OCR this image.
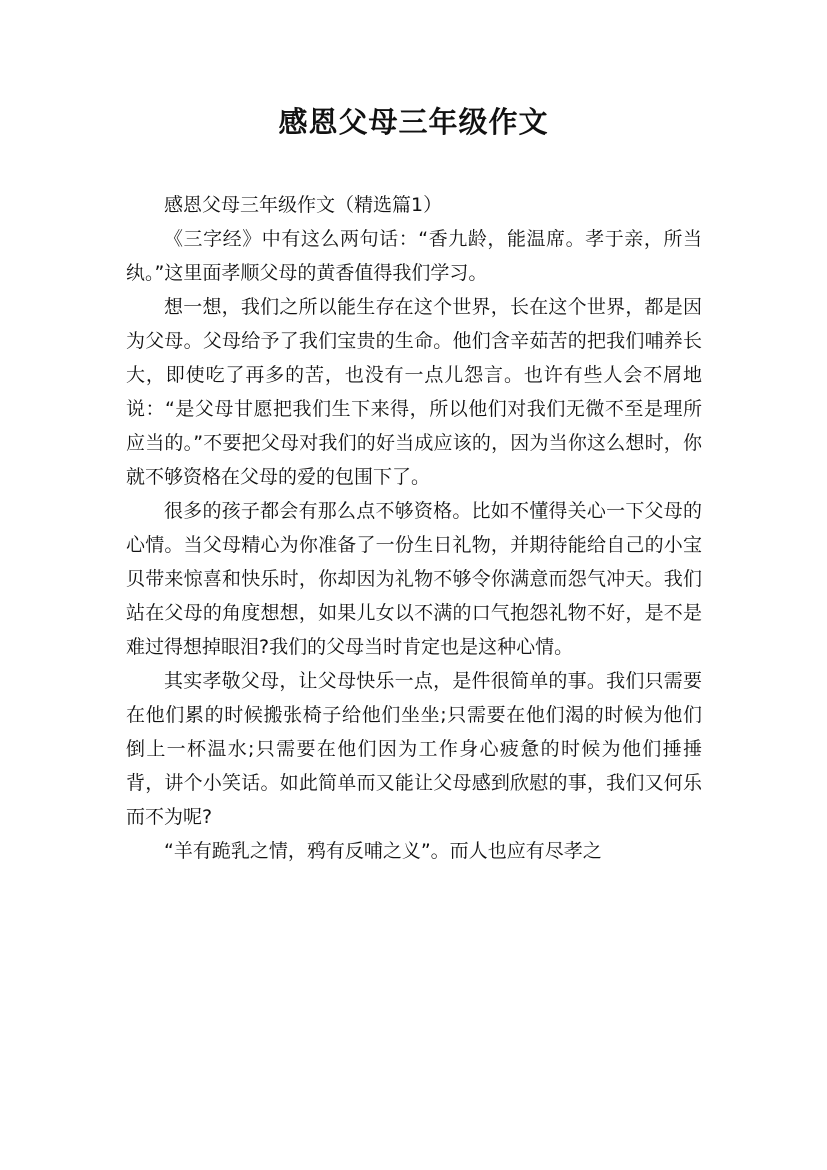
感恩父母三年级作文

感恩父母三年级作文（精选篇1）

《三字经》中有这么两句话：“香九龄，能温席。孝于亲，所当纨。”这里面孝顺父母的黄香值得我们学习。

想一想，我们之所以能生存在这个世界，长在这个世界，都是因为父母。父母给予了我们宝贵的生命。他们含辛茹苦的把我们哺养长大，即使吃了再多的苦，也没有一点儿怨言。也许有些人会不屑地说：“是父母甘愿把我们生下来得，所以他们对我们无微不至是理所应当的。”不要把父母对我们的好当成应该的，因为当你这么想时，你就不够资格在父母的爱的包围下了。

很多的孩子都会有那么点不够资格。比如不懂得关心一下父母的心情。当父母精心为你准备了一份生日礼物，并期待能给自己的小宝贝带来惊喜和快乐时，你却因为礼物不够令你满意而怨气冲天。我们站在父母的角度想想，如果儿女以不满的口气抱怨礼物不好，是不是难过得想掉眼泪?我们的父母当时肯定也是这种心情。

其实孝敬父母，让父母快乐一点，是件很简单的事。我们只需要在他们累的时候搬张椅子给他们坐坐;只需要在他们渴的时候为他们倒上一杯温水;只需要在他们因为工作身心疲惫的时候为他们捶捶背，讲个小笑话。如此简单而又能让父母感到欣慰的事，我们又何乐而不为呢?

“羊有跪乳之情，鸦有反哺之义”。而人也应有尽孝之
